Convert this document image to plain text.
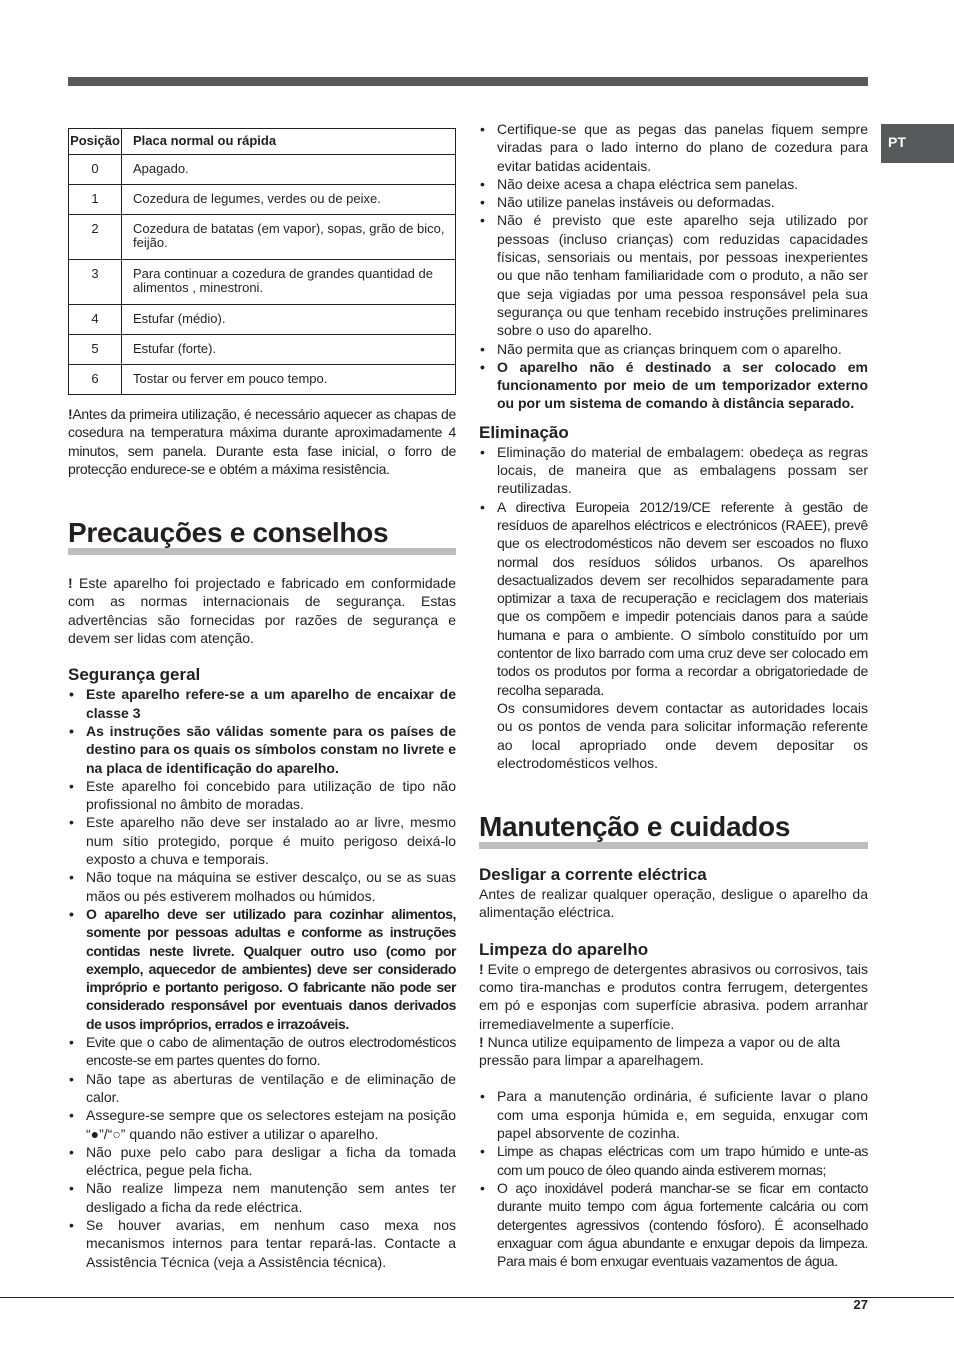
PT
Posição	Placa normal ou rápida
0	Apagado.
1	Cozedura de legumes, verdes ou de peixe.
2	Cozedura de batatas (em vapor), sopas, grão de bico, feijão.
3	Para continuar a cozedura de grandes quantidad de alimentos , minestroni.
4	Estufar (médio).
5	Estufar (forte).
6	Tostar ou ferver em pouco tempo.

!Antes da primeira utilização, é necessário aquecer as chapas de cosedura na temperatura máxima durante aproximadamente 4 minutos, sem panela. Durante esta fase inicial, o forro de protecção endurece-se e obtém a máxima resistência.

Precauções e conselhos

! Este aparelho foi projectado e fabricado em conformidade com as normas internacionais de segurança. Estas advertências são fornecidas por razões de segurança e devem ser lidas com atenção.

Segurança geral
• Este aparelho refere-se a um aparelho de encaixar de classe 3
• As instruções são válidas somente para os países de destino para os quais os símbolos constam no livrete e na placa de identificação do aparelho.
• Este aparelho foi concebido para utilização de tipo não profissional no âmbito de moradas.
• Este aparelho não deve ser instalado ao ar livre, mesmo num sítio protegido, porque é muito perigoso deixá-lo exposto a chuva e temporais.
• Não toque na máquina se estiver descalço, ou se as suas mãos ou pés estiverem molhados ou húmidos.
• O aparelho deve ser utilizado para cozinhar alimentos, somente por pessoas adultas e conforme as instruções contidas neste livrete. Qualquer outro uso (como por exemplo, aquecedor de ambientes) deve ser considerado impróprio e portanto perigoso. O fabricante não pode ser considerado responsável por eventuais danos derivados de usos impróprios, errados e irrazoáveis.
• Evite que o cabo de alimentação de outros electrodomésticos encoste-se em partes quentes do forno.
• Não tape as aberturas de ventilação e de eliminação de calor.
• Assegure-se sempre que os selectores estejam na posição “●”/“○” quando não estiver a utilizar o aparelho.
• Não puxe pelo cabo para desligar a ficha da tomada eléctrica, pegue pela ficha.
• Não realize limpeza nem manutenção sem antes ter desligado a ficha da rede eléctrica.
• Se houver avarias, em nenhum caso mexa nos mecanismos internos para tentar repará-las. Contacte a Assistência Técnica (veja a Assistência técnica).
• Certifique-se que as pegas das panelas fiquem sempre viradas para o lado interno do plano de cozedura para evitar batidas acidentais.
• Não deixe acesa a chapa eléctrica sem panelas.
• Não utilize panelas instáveis ou deformadas.
• Não é previsto que este aparelho seja utilizado por pessoas (incluso crianças) com reduzidas capacidades físicas, sensoriais ou mentais, por pessoas inexperientes ou que não tenham familiaridade com o produto, a não ser que seja vigiadas por uma pessoa responsável pela sua segurança ou que tenham recebido instruções preliminares sobre o uso do aparelho.
• Não permita que as crianças brinquem com o aparelho.
• O aparelho não é destinado a ser colocado em funcionamento por meio de um temporizador externo ou por um sistema de comando à distância separado.
Eliminação
• Eliminação do material de embalagem: obedeça as regras locais, de maneira que as embalagens possam ser reutilizadas.
• A directiva Europeia 2012/19/CE referente à gestão de resíduos de aparelhos eléctricos e electrónicos (RAEE), prevê que os electrodomésticos não devem ser escoados no fluxo normal dos resíduos sólidos urbanos. Os aparelhos desactualizados devem ser recolhidos separadamente para optimizar a taxa de recuperação e reciclagem dos materiais que os compõem e impedir potenciais danos para a saúde humana e para o ambiente. O símbolo constituído por um contentor de lixo barrado com uma cruz deve ser colocado em todos os produtos por forma a recordar a obrigatoriedade de recolha separada.

Os consumidores devem contactar as autoridades locais ou os pontos de venda para solicitar informação referente ao local apropriado onde devem depositar os electrodomésticos velhos.

Manutenção e cuidados
Desligar a corrente eléctrica

Antes de realizar qualquer operação, desligue o aparelho da alimentação eléctrica.

Limpeza do aparelho

! Evite o emprego de detergentes abrasivos ou corrosivos, tais como tira-manchas e produtos contra ferrugem, detergentes em pó e esponjas com superfície abrasiva. podem arranhar irremediavelmente a superfície.

! Nunca utilize equipamento de limpeza a vapor ou de alta pressão para limpar a aparelhagem.

• Para a manutenção ordinária, é suficiente lavar o plano com uma esponja húmida e, em seguida, enxugar com papel absorvente de cozinha.
• Limpe as chapas eléctricas com um trapo húmido e unte-as com um pouco de óleo quando ainda estiverem mornas;
• O aço inoxidável poderá manchar-se se ficar em contacto durante muito tempo com água fortemente calcária ou com detergentes agressivos (contendo fósforo). É aconselhado enxaguar com água abundante e enxugar depois da limpeza. Para mais é bom enxugar eventuais vazamentos de água.
27
